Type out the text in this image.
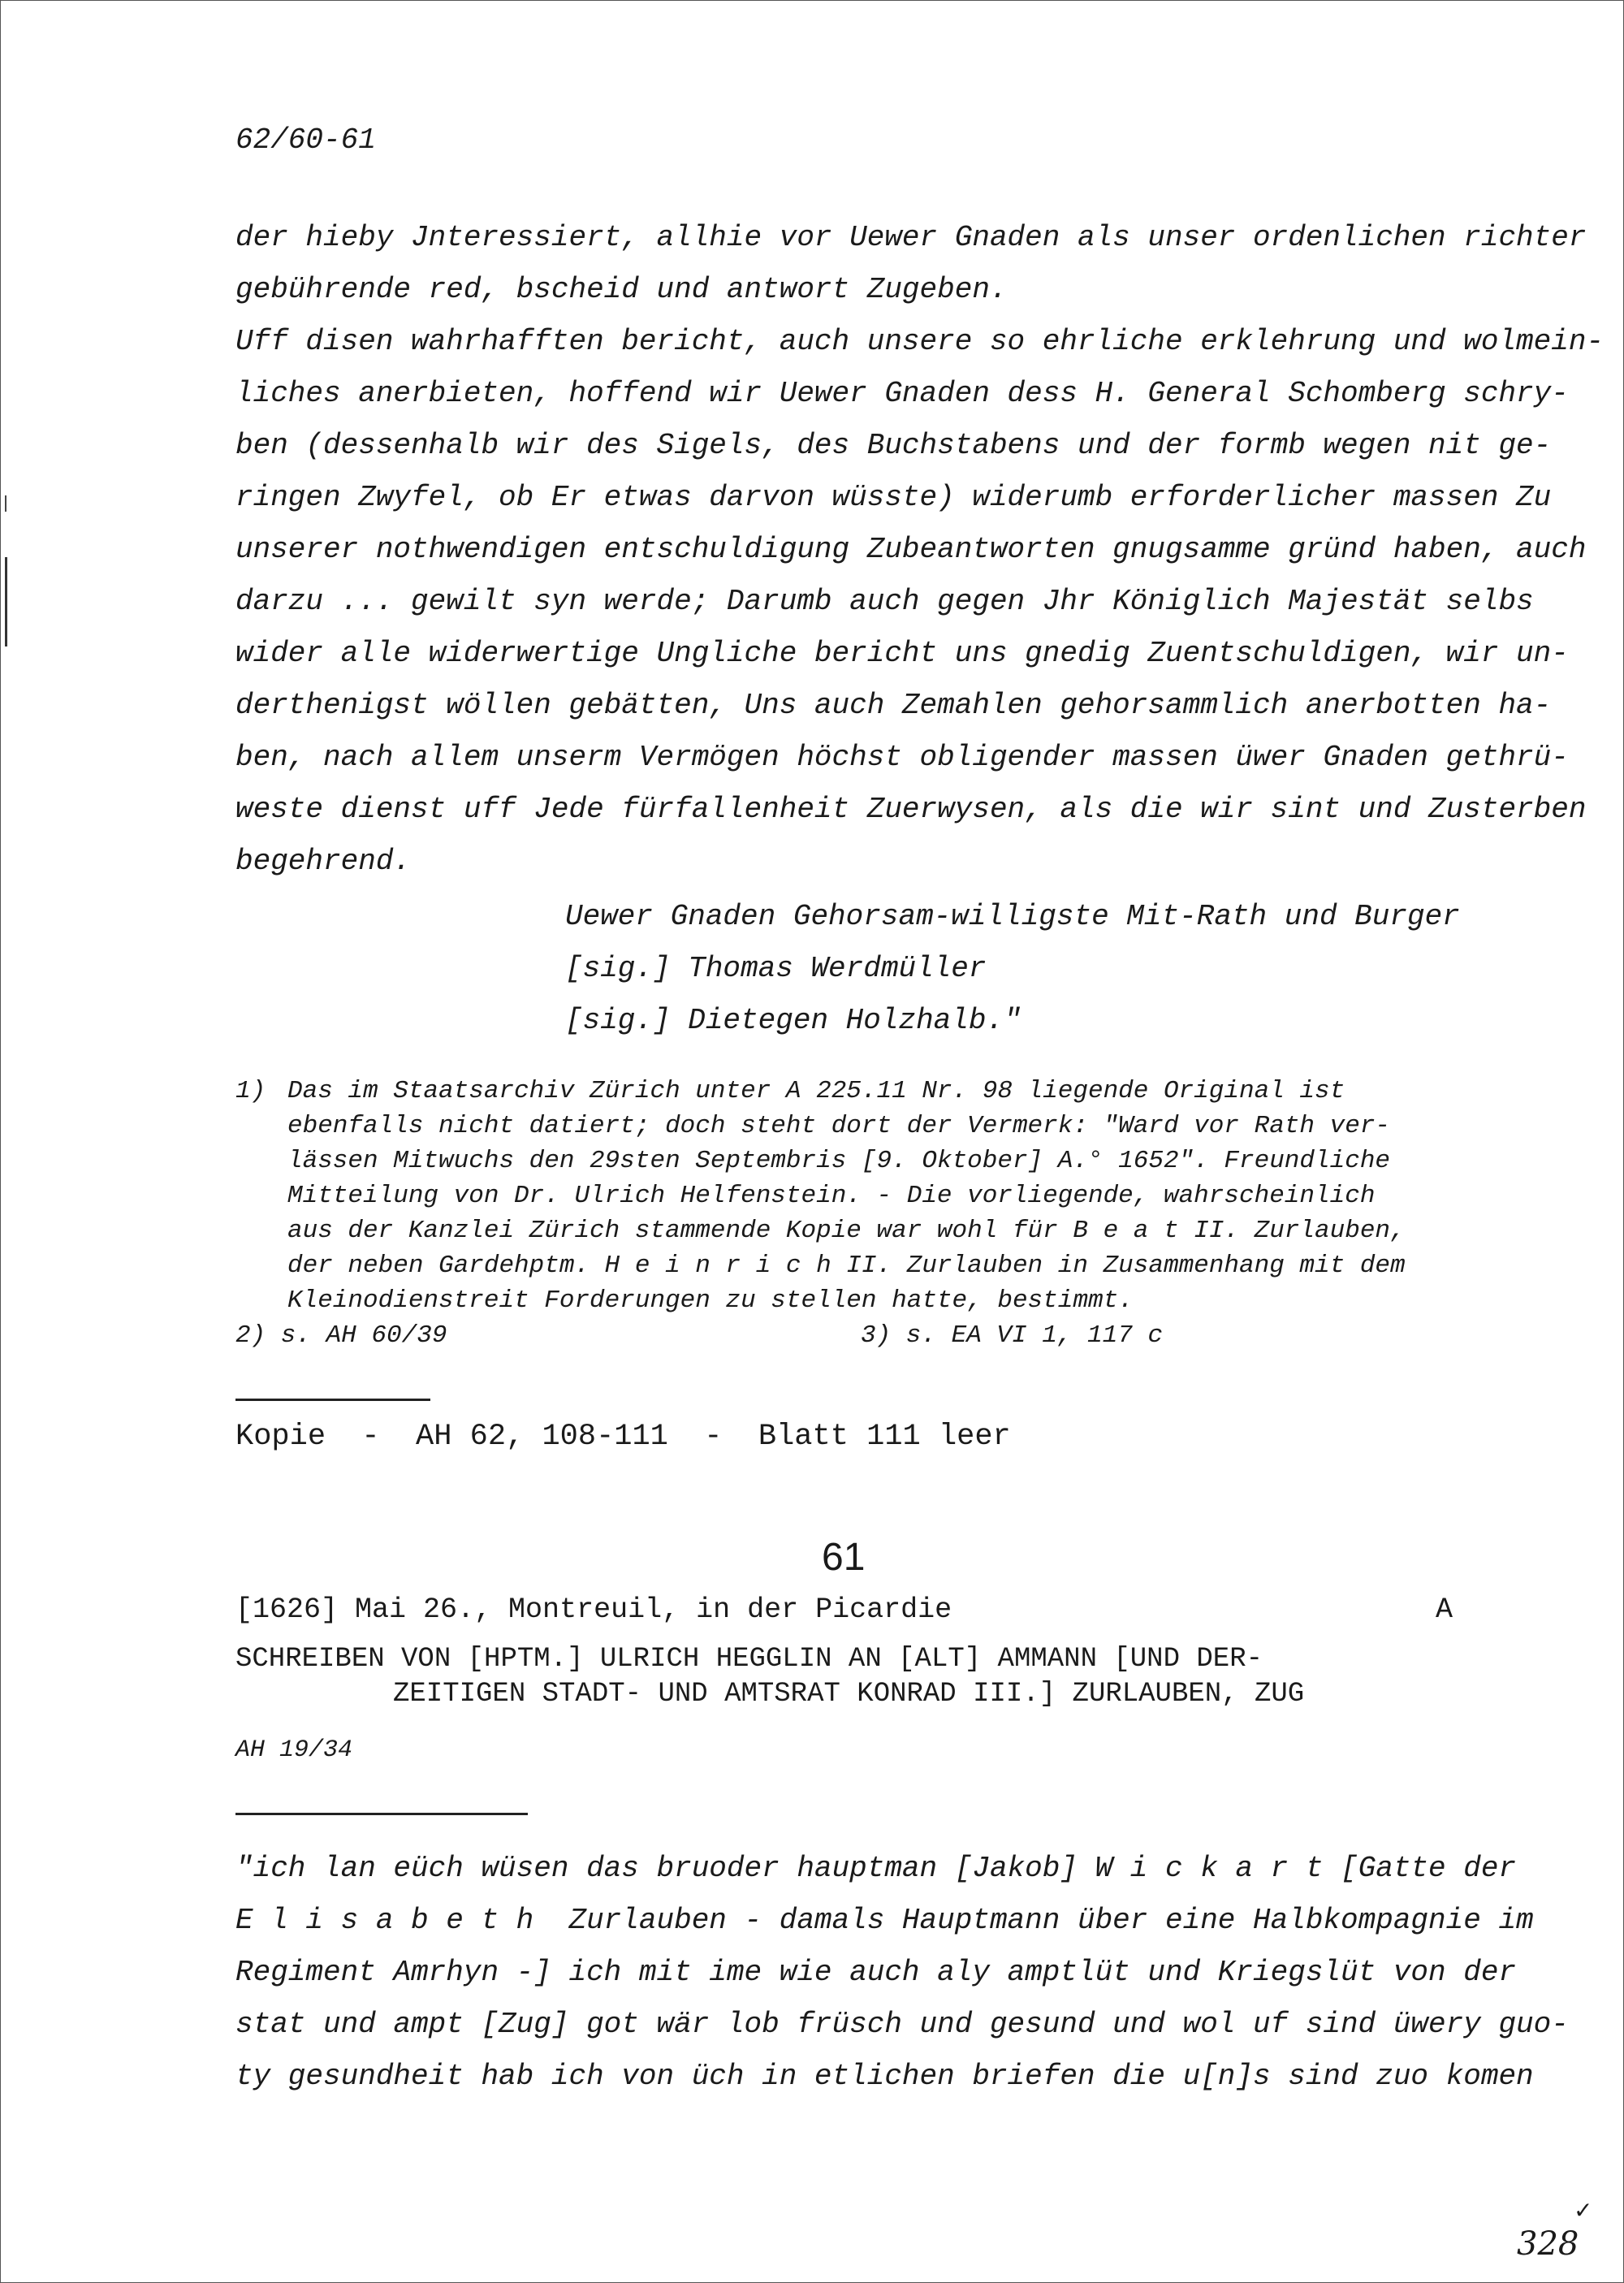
62/60-61
der hieby Jnteressiert, allhie vor Uewer Gnaden als unser ordenlichen richter
gebührende red, bscheid und antwort Zugeben.
Uff disen wahrhafften bericht, auch unsere so ehrliche erklehrung und wolmein-
liches anerbieten, hoffend wir Uewer Gnaden dess H. General Schomberg schry-
ben (dessenhalb wir des Sigels, des Buchstabens und der formb wegen nit ge-
ringen Zwyfel, ob Er etwas darvon wüsste) widerumb erforderlicher massen Zu
unserer nothwendigen entschuldigung Zubeantworten gnugsamme gründ haben, auch
darzu ... gewilt syn werde; Darumb auch gegen Jhr Königlich Majestät selbs
wider alle widerwertige Ungliche bericht uns gnedig Zuentschuldigen, wir un-
derthenigst wöllen gebätten, Uns auch Zemahlen gehorsammlich anerbotten ha-
ben, nach allem unserm Vermögen höchst obligender massen üwer Gnaden gethrü-
weste dienst uff Jede fürfallenheit Zuerwysen, als die wir sint und Zusterben
begehrend.
Uewer Gnaden Gehorsam-willigste Mit-Rath und Burger
[sig.] Thomas Werdmüller
[sig.] Dietegen Holzhalb."
1) Das im Staatsarchiv Zürich unter A 225.11 Nr. 98 liegende Original ist
ebenfalls nicht datiert; doch steht dort der Vermerk: "Ward vor Rath ver-
lässen Mitwuchs den 29sten Septembris [9. Oktober] A.° 1652". Freundliche
Mitteilung von Dr. Ulrich Helfenstein. - Die vorliegende, wahrscheinlich
aus der Kanzlei Zürich stammende Kopie war wohl für B e a t II. Zurlauben,
der neben Gardehptm. H e i n r i c h II. Zurlauben in Zusammenhang mit dem
Kleinodienstreit Forderungen zu stellen hatte, bestimmt.
2) s. AH 60/39	3) s. EA VI 1, 117 c
Kopie  -  AH 62, 108-111  -  Blatt 111 leer
61
[1626] Mai 26., Montreuil, in der Picardie	A
SCHREIBEN VON [HPTM.] ULRICH HEGGLIN AN [ALT] AMMANN [UND DER-
ZEITIGEN STADT- UND AMTSRAT KONRAD III.] ZURLAUBEN, ZUG
AH 19/34
"ich lan eüch wüsen das bruoder hauptman [Jakob] W i c k a r t [Gatte der
E l i s a b e t h  Zurlauben - damals Hauptmann über eine Halbkompagnie im
Regiment Amrhyn -] ich mit ime wie auch aly amptlüt und Kriegslüt von der
stat und ampt [Zug] got wär lob früsch und gesund und wol uf sind üwery guo-
ty gesundheit hab ich von üch in etlichen briefen die u[n]s sind zuo komen
✓
328
